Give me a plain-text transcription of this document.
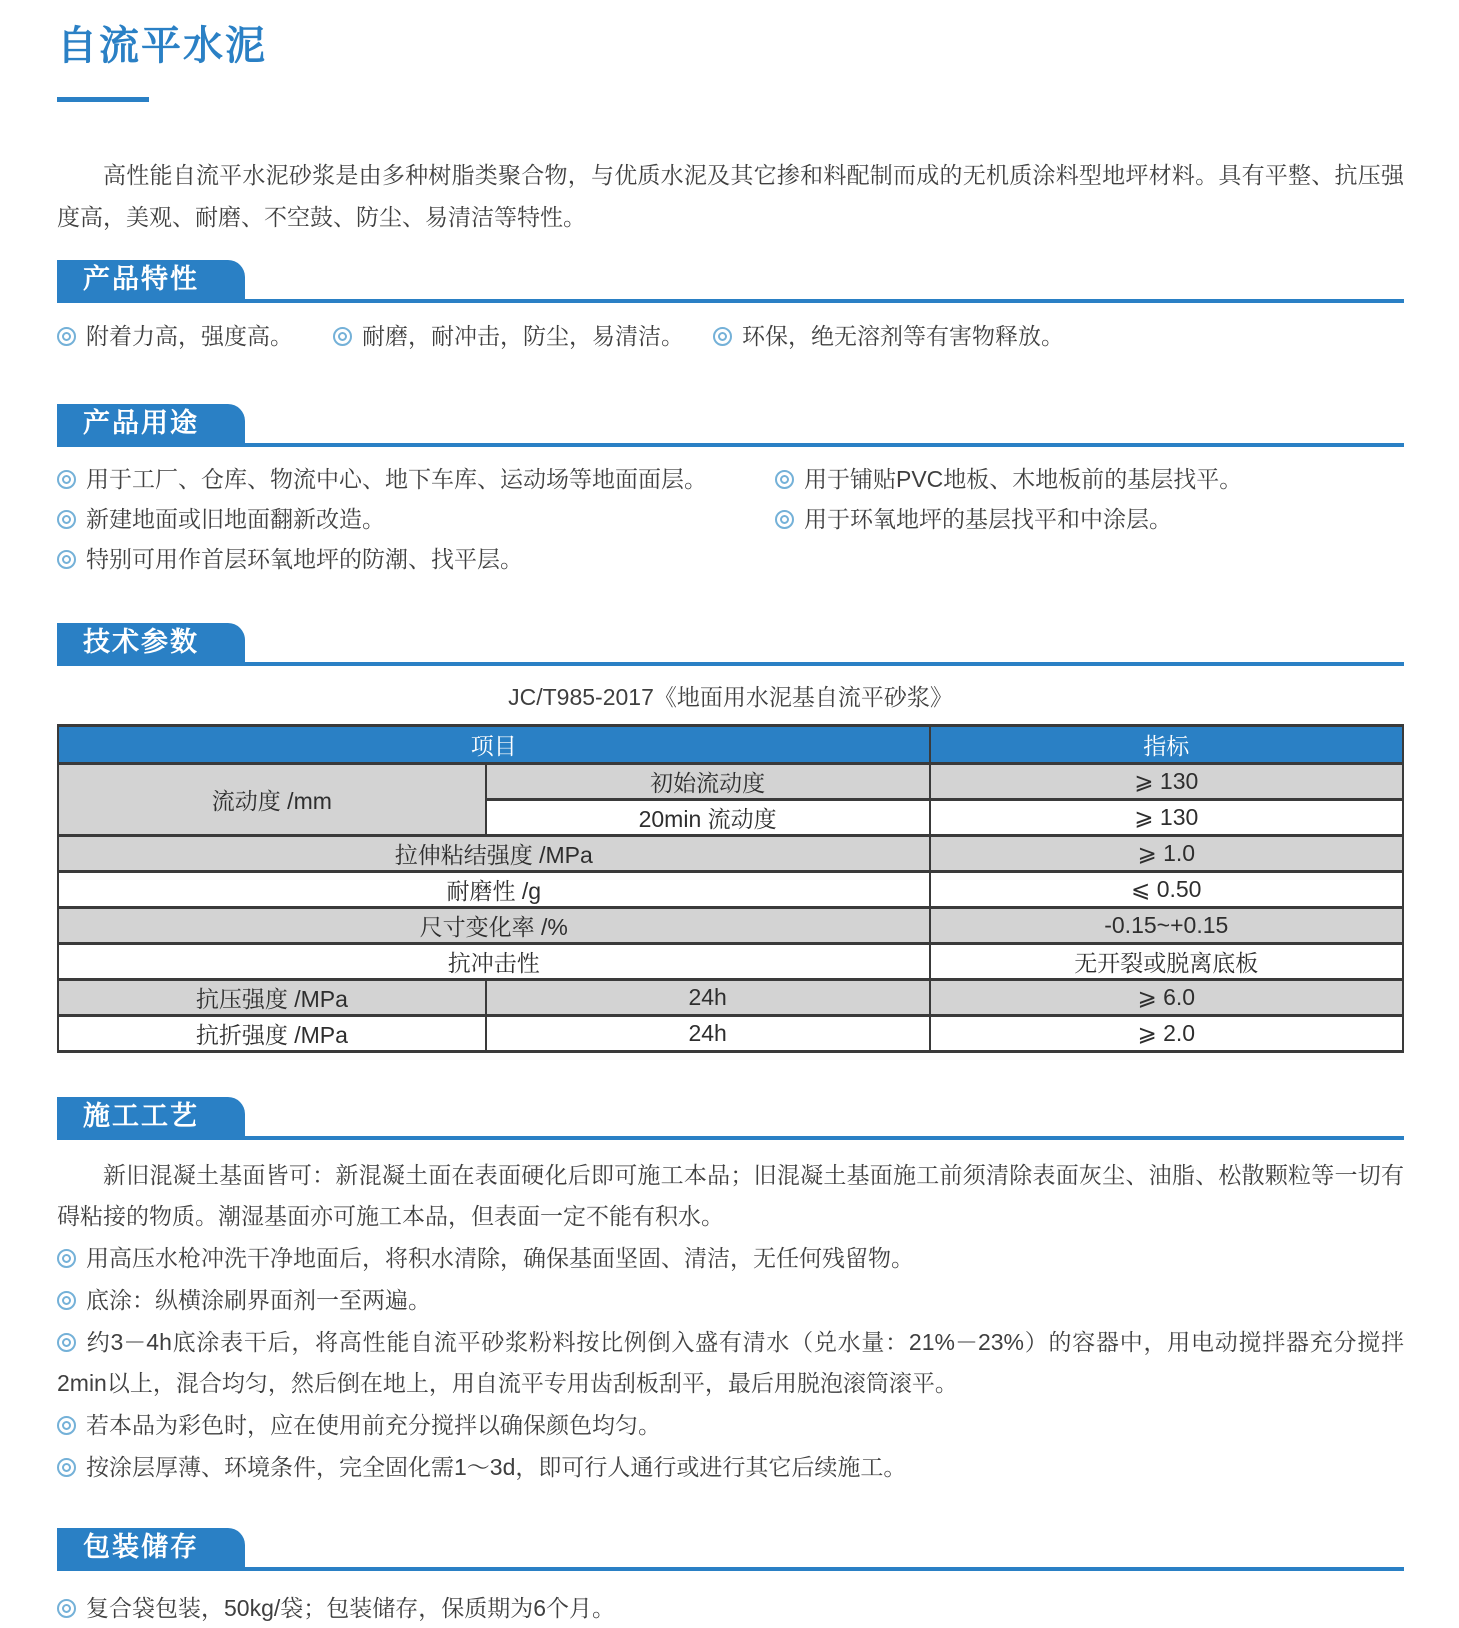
自流平水泥

高性能自流平水泥砂浆是由多种树脂类聚合物，与优质水泥及其它掺和料配制而成的无机质涂料型地坪材料。具有平整、抗压强度高，美观、耐磨、不空鼓、防尘、易清洁等特性。

产品特性

附着力高，强度高。	耐磨，耐冲击，防尘，易清洁。	环保，绝无溶剂等有害物释放。

产品用途

用于工厂、仓库、物流中心、地下车库、运动场等地面面层。

新建地面或旧地面翻新改造。

特别可用作首层环氧地坪的防潮、找平层。

用于铺贴PVC地板、木地板前的基层找平。

用于环氧地坪的基层找平和中涂层。

技术参数
JC/T985-2017《地面用水泥基自流平砂浆》
项目		指标
流动度 /mm	初始流动度	⩾ 130
	20min 流动度	⩾ 130
拉伸粘结强度 /MPa		⩾ 1.0
耐磨性 /g		⩽ 0.50
尺寸变化率 /%		-0.15~+0.15
抗冲击性		无开裂或脱离底板
抗压强度 /MPa	24h	⩾ 6.0
抗折强度 /MPa	24h	⩾ 2.0
施工工艺

新旧混凝土基面皆可：新混凝土面在表面硬化后即可施工本品；旧混凝土基面施工前须清除表面灰尘、油脂、松散颗粒等一切有碍粘接的物质。潮湿基面亦可施工本品，但表面一定不能有积水。

用高压水枪冲洗干净地面后，将积水清除，确保基面坚固、清洁，无任何残留物。

底涂：纵横涂刷界面剂一至两遍。

约3－4h底涂表干后，将高性能自流平砂浆粉料按比例倒入盛有清水（兑水量：21%－23%）的容器中，用电动搅拌器充分搅拌2min以上，混合均匀，然后倒在地上，用自流平专用齿刮板刮平，最后用脱泡滚筒滚平。

若本品为彩色时，应在使用前充分搅拌以确保颜色均匀。

按涂层厚薄、环境条件，完全固化需1～3d，即可行人通行或进行其它后续施工。

包装储存

复合袋包装，50kg/袋；包装储存，保质期为6个月。
